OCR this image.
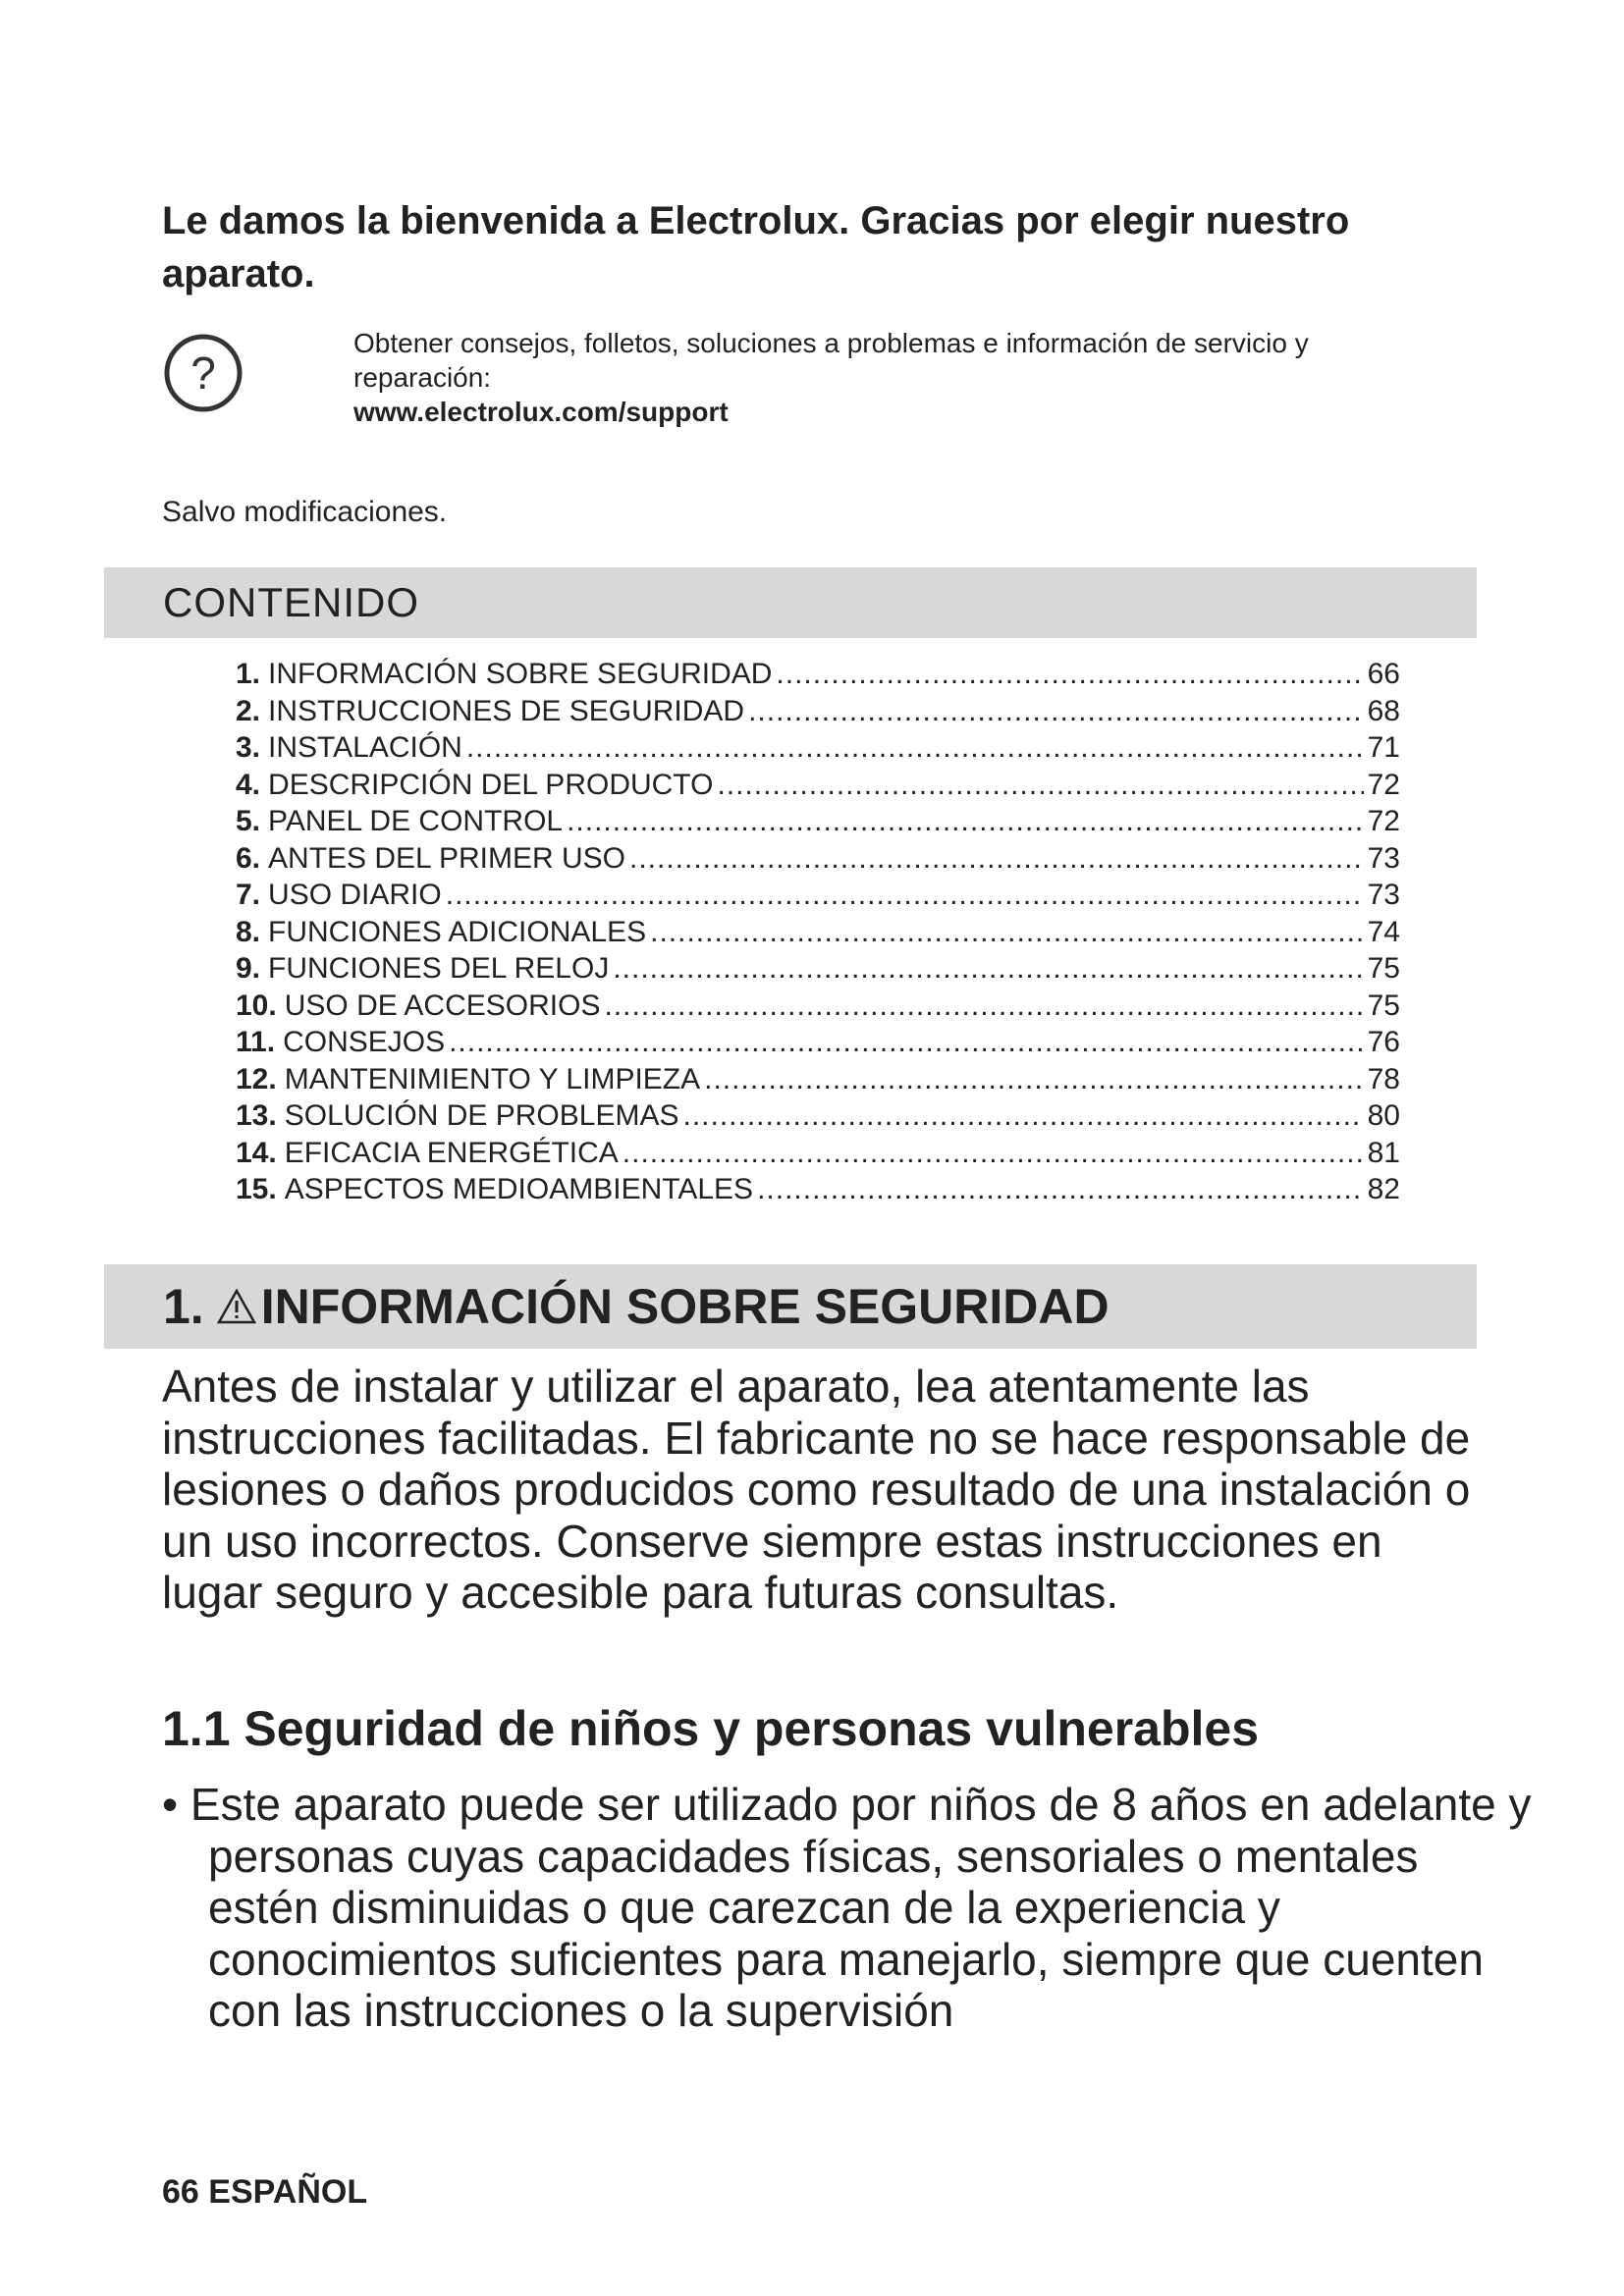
Le damos la bienvenida a Electrolux. Gracias por elegir nuestro aparato.
?
Obtener consejos, folletos, soluciones a problemas e información de servicio y reparación:
www.electrolux.com/support
Salvo modificaciones.
CONTENIDO
1. INFORMACIÓN SOBRE SEGURIDAD .....	66
2. INSTRUCCIONES DE SEGURIDAD .....	68
3. INSTALACIÓN .....	71
4. DESCRIPCIÓN DEL PRODUCTO .....	72
5. PANEL DE CONTROL .....	72
6. ANTES DEL PRIMER USO .....	73
7. USO DIARIO .....	73
8. FUNCIONES ADICIONALES .....	74
9. FUNCIONES DEL RELOJ .....	75
10. USO DE ACCESORIOS .....	75
11. CONSEJOS .....	76
12. MANTENIMIENTO Y LIMPIEZA .....	78
13. SOLUCIÓN DE PROBLEMAS .....	80
14. EFICACIA ENERGÉTICA .....	81
15. ASPECTOS MEDIOAMBIENTALES .....	82
1. INFORMACIÓN SOBRE SEGURIDAD

Antes de instalar y utilizar el aparato, lea atentamente las instrucciones facilitadas. El fabricante no se hace responsable de lesiones o daños producidos como resultado de una instalación o un uso incorrectos. Conserve siempre estas instrucciones en lugar seguro y accesible para futuras consultas.

1.1 Seguridad de niños y personas vulnerables

• Este aparato puede ser utilizado por niños de 8 años en adelante y personas cuyas capacidades físicas, sensoriales o mentales estén disminuidas o que carezcan de la experiencia y conocimientos suficientes para manejarlo, siempre que cuenten con las instrucciones o la supervisión

66 ESPAÑOL
